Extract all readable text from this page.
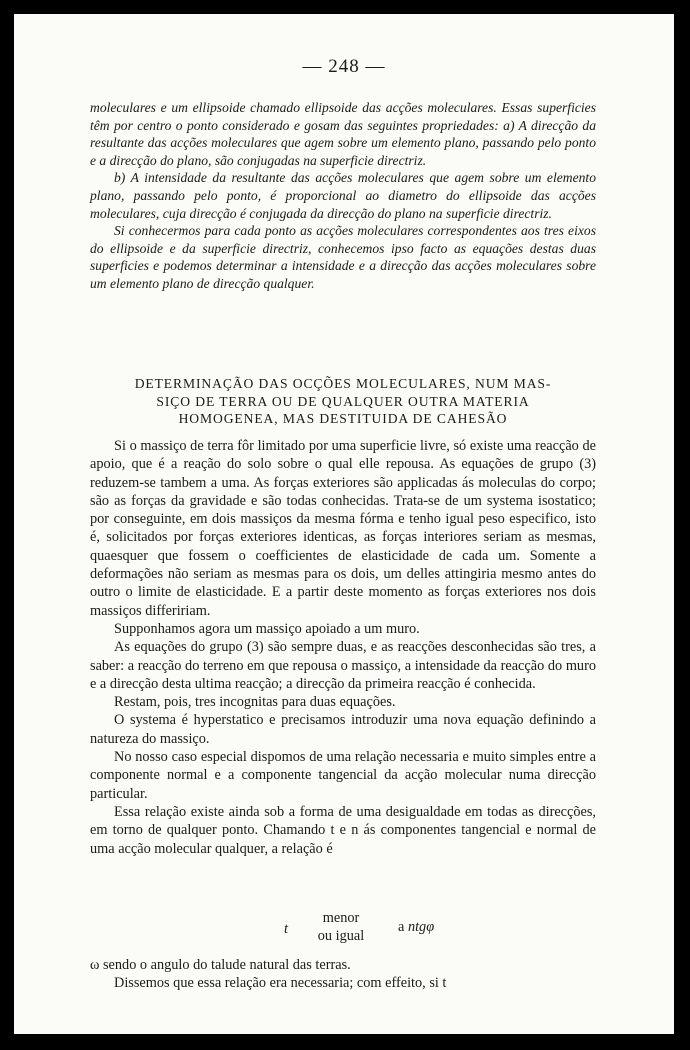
— 248 —

moleculares e um ellipsoide chamado ellipsoide das acções moleculares. Essas superficies têm por centro o ponto considerado e gosam das seguintes propriedades: a) A direcção da resultante das acções moleculares que agem sobre um elemento plano, passando pelo ponto e a direcção do plano, são conjugadas na superficie directriz.

b) A intensidade da resultante das acções moleculares que agem sobre um elemento plano, passando pelo ponto, é proporcional ao diametro do ellipsoide das acções moleculares, cuja direcção é conjugada da direcção do plano na superficie directriz.

Si conhecermos para cada ponto as acções moleculares correspondentes aos tres eixos do ellipsoide e da superficie directriz, conhecemos ipso facto as equações destas duas superficies e podemos determinar a intensidade e a direcção das acções moleculares sobre um elemento plano de direcção qualquer.

DETERMINAÇÃO DAS OCÇÕES MOLECULARES, NUM MAS-
SIÇO DE TERRA OU DE QUALQUER OUTRA MATERIA
HOMOGENEA, MAS DESTITUIDA DE CAHESÃO

Si o massiço de terra fôr limitado por uma superficie livre, só existe uma reacção de apoio, que é a reação do solo sobre o qual elle repousa. As equações de grupo (3) reduzem-se tambem a uma. As forças exteriores são applicadas ás moleculas do corpo; são as forças da gravidade e são todas conhecidas. Trata-se de um systema isostatico; por conseguinte, em dois massiços da mesma fórma e tenho igual peso especifico, isto é, solicitados por forças exteriores identicas, as forças interiores seriam as mesmas, quaesquer que fossem o coefficientes de elasticidade de cada um. Somente a deformações não seriam as mesmas para os dois, um delles attingiria mesmo antes do outro o limite de elasticidade. E a partir deste momento as forças exteriores nos dois massiços differiriam.

Supponhamos agora um massiço apoiado a um muro.

As equações do grupo (3) são sempre duas, e as reacções desconhecidas são tres, a saber: a reacção do terreno em que repousa o massiço, a intensidade da reacção do muro e a direcção desta ultima reacção; a direcção da primeira reacção é conhecida.

Restam, pois, tres incognitas para duas equações.

O systema é hyperstatico e precisamos introduzir uma nova equação definindo a natureza do massiço.

No nosso caso especial dispomos de uma relação necessaria e muito simples entre a componente normal e a componente tangencial da acção molecular numa direcção particular.

Essa relação existe ainda sob a forma de uma desigualdade em todas as direcções, em torno de qualquer ponto. Chamando t e n ás componentes tangencial e normal de uma acção molecular qualquer, a relação é

t
menor
ou igual
a ntgφ

ω sendo o angulo do talude natural das terras.

Dissemos que essa relação era necessaria; com effeito, si t
